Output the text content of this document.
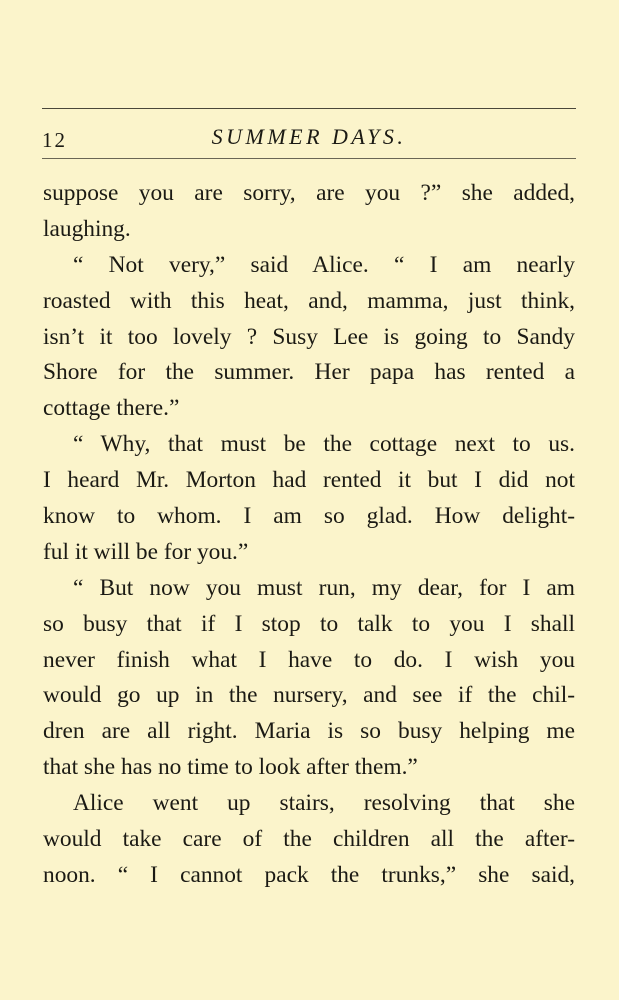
12	SUMMER DAYS.
suppose you are sorry, are you ?” she added,
laughing.
“ Not very,” said Alice. “ I am nearly
roasted with this heat, and, mamma, just think,
isn’t it too lovely ? Susy Lee is going to Sandy
Shore for the summer. Her papa has rented a
cottage there.”
“ Why, that must be the cottage next to us.
I heard Mr. Morton had rented it but I did not
know to whom. I am so glad. How delight-
ful it will be for you.”
“ But now you must run, my dear, for I am
so busy that if I stop to talk to you I shall
never finish what I have to do. I wish you
would go up in the nursery, and see if the chil-
dren are all right. Maria is so busy helping me
that she has no time to look after them.”
Alice went up stairs, resolving that she
would take care of the children all the after-
noon. “ I cannot pack the trunks,” she said,
